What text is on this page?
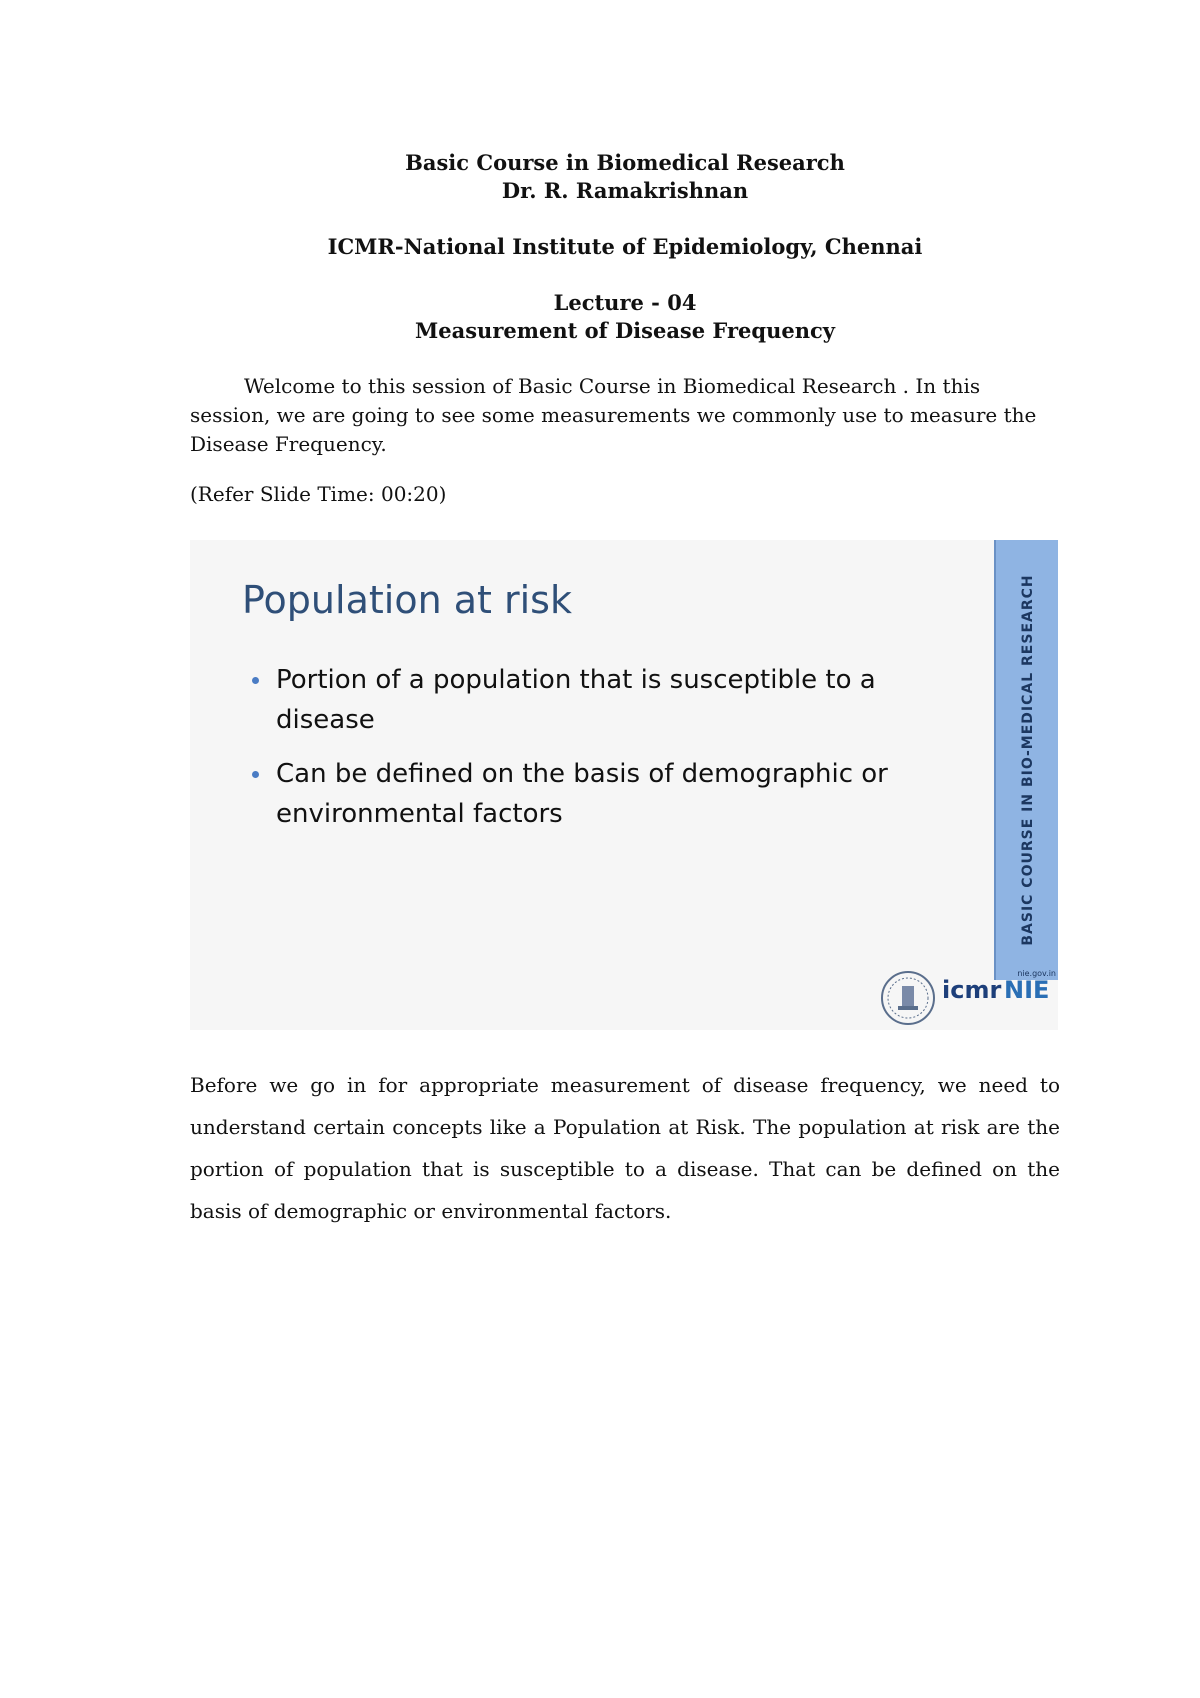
Basic Course in Biomedical Research
Dr. R. Ramakrishnan
ICMR-National Institute of Epidemiology, Chennai
Lecture - 04
Measurement of Disease Frequency
Welcome to this session of Basic Course in Biomedical Research . In this session, we are going to see some measurements we commonly use to measure the Disease Frequency.
(Refer Slide Time: 00:20)
Population at risk
Portion of a population that is susceptible to a disease
Can be defined on the basis of demographic or environmental factors	BASIC COURSE IN BIO-MEDICAL RESEARCH
nie.gov.in
icmr NIE
Before we go in for appropriate measurement of disease frequency, we need to understand certain concepts like a Population at Risk. The population at risk are the portion of population that is susceptible to a disease. That can be defined on the basis of demographic or environmental factors.
